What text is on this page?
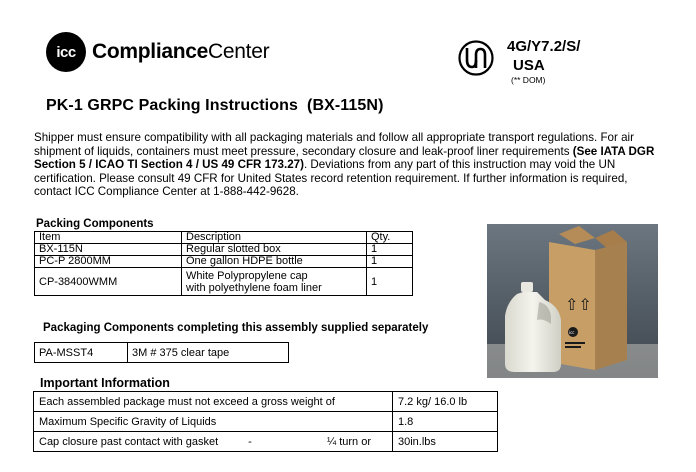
icc ComplianceCenter	4G/Y7.2/S/
USA
(** DOM)
PK-1 GRPC Packing Instructions  (BX-115N)
Shipper must ensure compatibility with all packaging materials and follow all appropriate transport regulations. For air shipment of liquids, containers must meet pressure, secondary closure and leak-proof liner requirements (See IATA DGR Section 5 / ICAO TI Section 4 / US 49 CFR 173.27). Deviations from any part of this instruction may void the UN certification. Please consult 49 CFR for United States record retention requirement. If further information is required, contact ICC Compliance Center at 1-888-442-9628.
Packing Components
Item	Description	Qty.
BX-115N	Regular slotted box	1
PC-P 2800MM	One gallon HDPE bottle	1
CP-38400WMM	White Polypropylene cap
with polyethylene foam liner	1
Packaging Components completing this assembly supplied separately
PA-MSST4	3M # 375 clear tape
Important Information
Each assembled package must not exceed a gross weight of	7.2 kg/ 16.0 lb
Maximum Specific Gravity of Liquids	1.8

Cap closure past contact with gasket - ¼ turn or	30in.lbs
⇧⇧
icc
